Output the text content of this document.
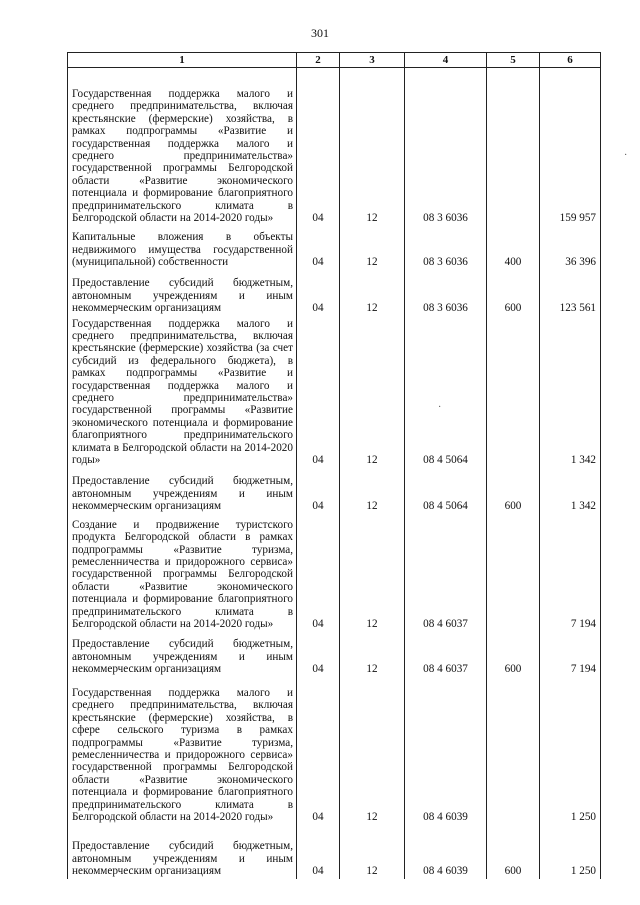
301
1	2	3	4	5	6
Государственная поддержка малого и среднего предпринимательства, включая крестьянские (фермерские) хозяйства, в рамках подпрограммы «Развитие и государственная поддержка малого и среднего предпринимательства» государственной программы Белгородской области «Развитие экономического потенциала и формирование благоприятного предпринимательского климата в Белгородской области на 2014-2020 годы»	04	12	08 3 6036		159 957
Капитальные вложения в объекты недвижимого имущества государственной (муниципальной) собственности	04	12	08 3 6036	400	36 396
Предоставление субсидий бюджетным, автономным учреждениям и иным некоммерческим организациям	04	12	08 3 6036	600	123 561
Государственная поддержка малого и среднего предпринимательства, включая крестьянские (фермерские) хозяйства (за счет субсидий из федерального бюджета), в рамках подпрограммы «Развитие и государственная поддержка малого и среднего предпринимательства» государственной программы «Развитие экономического потенциала и формирование благоприятного предпринимательского климата в Белгородской области на 2014-2020 годы»	04	12	08 4 5064		1 342
Предоставление субсидий бюджетным, автономным учреждениям и иным некоммерческим организациям	04	12	08 4 5064	600	1 342
Создание и продвижение туристского продукта Белгородской области в рамках подпрограммы «Развитие туризма, ремесленничества и придорожного сервиса» государственной программы Белгородской области «Развитие экономического потенциала и формирование благоприятного предпринимательского климата в Белгородской области на 2014-2020 годы»	04	12	08 4 6037		7 194
Предоставление субсидий бюджетным, автономным учреждениям и иным некоммерческим организациям	04	12	08 4 6037	600	7 194
Государственная поддержка малого и среднего предпринимательства, включая крестьянские (фермерские) хозяйства, в сфере сельского туризма в рамках подпрограммы «Развитие туризма, ремесленничества и придорожного сервиса» государственной программы Белгородской области «Развитие экономического потенциала и формирование благоприятного предпринимательского климата в Белгородской области на 2014-2020 годы»	04	12	08 4 6039		1 250
Предоставление субсидий бюджетным, автономным учреждениям и иным некоммерческим организациям	04	12	08 4 6039	600	1 250
·
·
